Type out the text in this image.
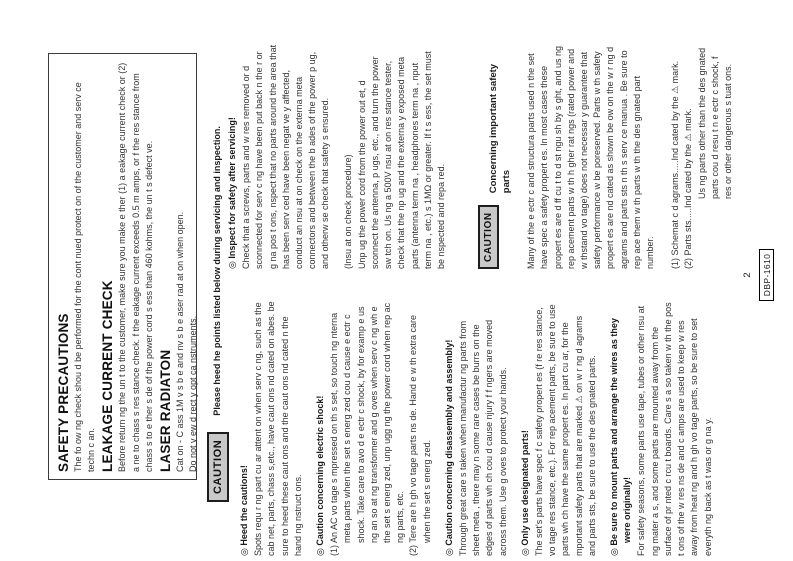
SAFETY PRECAUTIONS The fo ow ng check shou d be performed for the cont nued protect on of the customer and serv ce techn c an. LEAKAGE CURRENT CHECK Before return ng the un t to the customer, make sure you make e ther (1) a eakage current check or (2) a ne to chass s res stance check. f the eakage current exceeds 0.5 m amps, or f the res stance from chass s to e ther s de of the power cord s ess than 460 kohms, the un t s defect ve. LASER RADIATON Cat on - C ass 1M v s b e and nv s b e aser rad at on when open. Do not v ew d rect y opt ca nstruments.	CAUTION
Please heed he points listed below during servicing and inspection.
◎ Heed the cautions! Spots requ r ng part cu ar attent on when serv c ng, such as the cab net, parts, chass s,etc., have caut ons nd cated on abes. be sure to heed these caut ons and the caut ons nd cated n the hand ng nstruct ons. ◎ Caution concerning electric shock! (1) An AC vo tage s mpressed on th s set, so touch ng nterna meta parts when the set s energ zed cou d cause e ectr c shock. Take care to avo d e ectr c shock, by for examp e us ng an so at ng transformer and g oves when serv c ng wh e the set s energ zed, unp ugg ng the power cord when rep ac ng parts, etc. (2) Tere are h gh vo tage parts ns de. Hand e w th extra care when the set s energ zed. ◎ Caution concerning disassembly and assembly! Through great care s taken when manufactur ng parts from sheet meta , there may n some rare cases be burrs on the edges of parts wh ch cou d cause njury f f ngers are moved across them. Use g oves to protect your hands. ◎ Only use designated parts! The set's parts have spec f c safety propert es (f re res stance, vo tage res stance, etc.). For rep acement parts, be sure to use parts wh ch have the same propert es. In part cu ar, for the mportant safety parts that are marked ⚠ on w r ng d agrams and parts sts, be sure to use the des gnated parts. ◎ Be sure to mount parts and arrange the wires as they were originally! For safety seasons, some parts use tape, tubes or other nsu at ng mater a s, and some parts are mounted away from the surface of pr nted c rcu t boards. Care s a so taken w th the pos t ons of the w res ns de and c amps are used to keep w res away from heat ng and h gh vo tage parts, so be sure to set everyth ng back as t was or g na y.

◎ Inspect for safety after servicing! Check that a screws, parts and w res removed or d sconnected for serv c ng have been put back n the r or g na pos t ons, nspect that no parts around the area that has been serv ced have been negat ve y affected, conduct an nsu at on check on the externa meta connectors and between the b ades of the power p ug, and otherw se check that safety s ensured. (Insu at on check procedure) Unp ug the power cord from the power out et, d sconnect the antenna, p ugs, etc., and turn the power sw tch on. Us ng a 500V nsu at on res stance tester, check that the np ug and the externa y exposed meta parts (antenna term na , headphones term na , nput term na , etc.) s 1MΩ or greater. If t s ess, the set must be nspected and repa red.	CAUTION
Concerning important safety parts Many of the e ectr c and structura parts used n the set have spec a safety propert es. In most cases these propert es are d ff cu t to d st ngu sh by s ght, and us ng rep acement parts w th h gher rat ngs (rated power and w thstand vo tage) does not necessar y guarantee that safety performance w be poreserved. Parts w th safety propert es are nd cated as shown be ow on the w r ng d agrams and parts sts n th s serv ce manua . Be sure to rep ace them w th parts w th the des gnated part number. (1) Schemat c d agrams.....Ind cated by the ⚠ mark. (2) Parts sts.....Ind cated by the ⚠ mark. Us ng parts other than the des gnated parts cou d resu t n e ectr c shock, f res or other dangerous s tuat ons.

2 DBP-1610
